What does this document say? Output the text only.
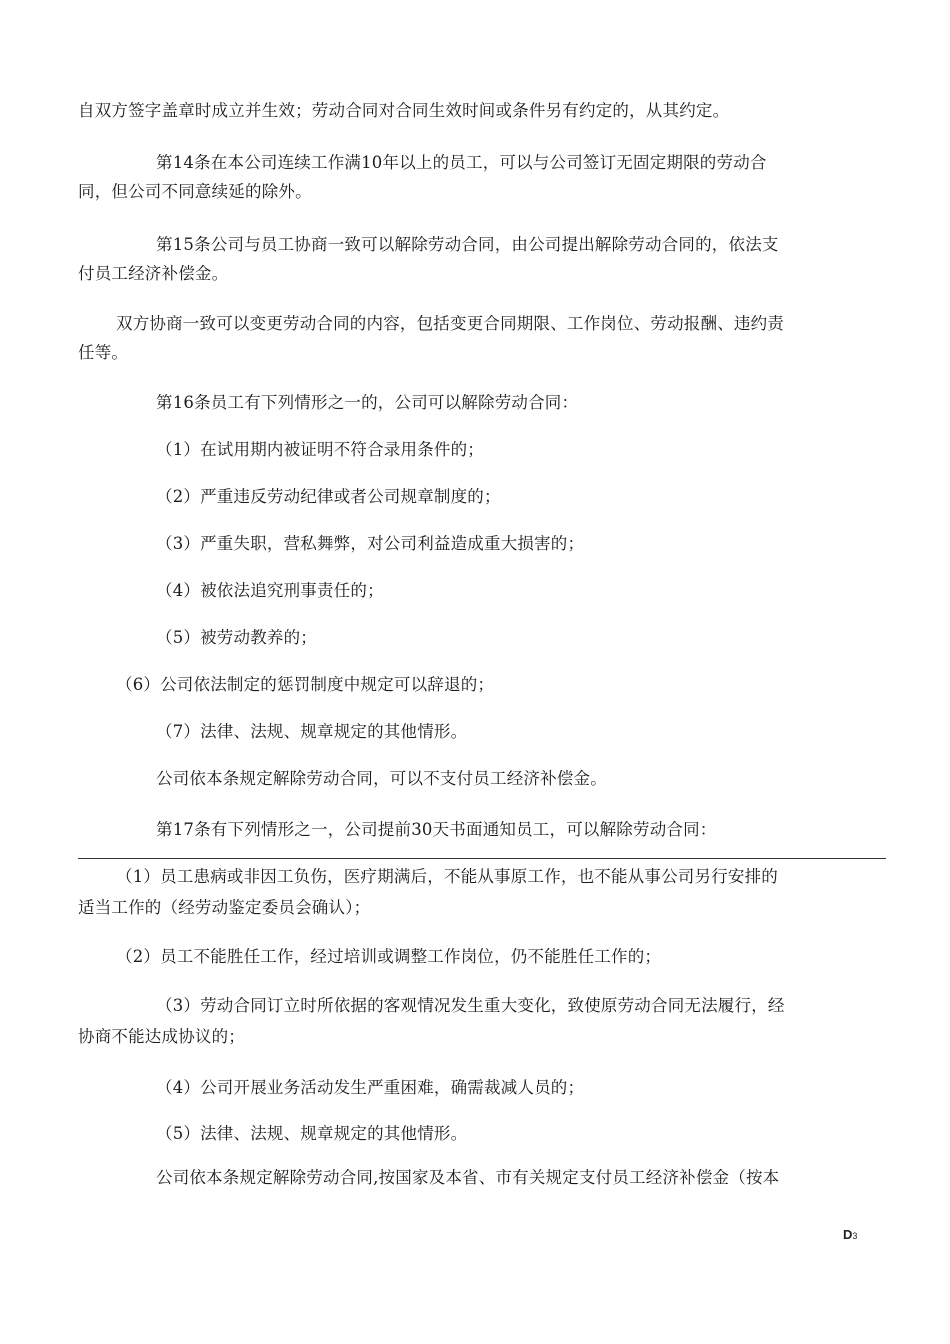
自双方签字盖章时成立并生效；劳动合同对合同生效时间或条件另有约定的，从其约定。
第14条在本公司连续工作满10年以上的员工，可以与公司签订无固定期限的劳动合
同，但公司不同意续延的除外。
第15条公司与员工协商一致可以解除劳动合同，由公司提出解除劳动合同的，依法支
付员工经济补偿金。
双方协商一致可以变更劳动合同的内容，包括变更合同期限、工作岗位、劳动报酬、违约责
任等。
第16条员工有下列情形之一的，公司可以解除劳动合同：
（1）在试用期内被证明不符合录用条件的；
（2）严重违反劳动纪律或者公司规章制度的；
（3）严重失职，营私舞弊，对公司利益造成重大损害的；
（4）被依法追究刑事责任的；
（5）被劳动教养的；
（6）公司依法制定的惩罚制度中规定可以辞退的；
（7）法律、法规、规章规定的其他情形。
公司依本条规定解除劳动合同，可以不支付员工经济补偿金。
第17条有下列情形之一，公司提前30天书面通知员工，可以解除劳动合同：
（1）员工患病或非因工负伤，医疗期满后，不能从事原工作，也不能从事公司另行安排的
适当工作的（经劳动鉴定委员会确认）；
（2）员工不能胜任工作，经过培训或调整工作岗位，仍不能胜任工作的；
（3）劳动合同订立时所依据的客观情况发生重大变化，致使原劳动合同无法履行，经
协商不能达成协议的；
（4）公司开展业务活动发生严重困难，确需裁减人员的；
（5）法律、法规、规章规定的其他情形。
公司依本条规定解除劳动合同,按国家及本省、市有关规定支付员工经济补偿金（按本
D3
